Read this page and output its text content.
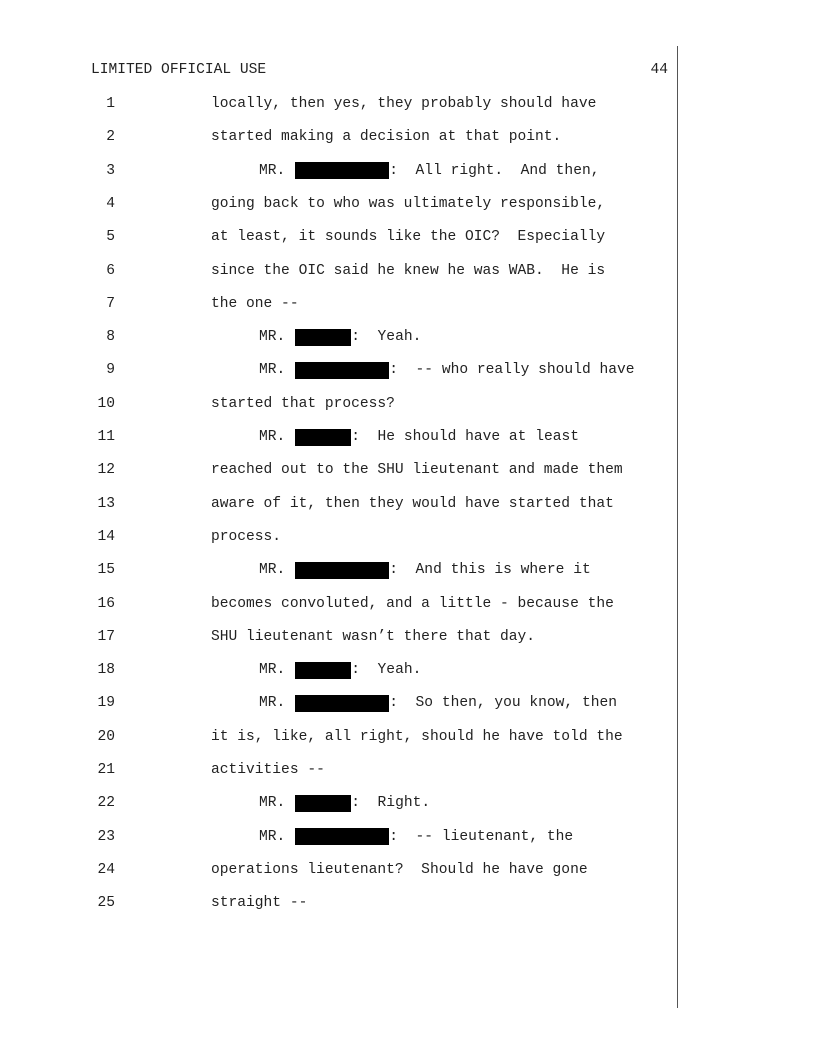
LIMITED OFFICIAL USE	44
1	locally, then yes, they probably should have
2	started making a decision at that point.
3	MR.	:  All right.  And then,
4	going back to who was ultimately responsible,
5	at least, it sounds like the OIC?  Especially
6	since the OIC said he knew he was WAB.  He is
7	the one --
8	MR.	:  Yeah.
9	MR.	:  -- who really should have
10	started that process?
11	MR.	:  He should have at least
12	reached out to the SHU lieutenant and made them
13	aware of it, then they would have started that
14	process.
15	MR.	:  And this is where it
16	becomes convoluted, and a little - because the
17	SHU lieutenant wasn’t there that day.
18	MR.	:  Yeah.
19	MR.	:  So then, you know, then
20	it is, like, all right, should he have told the
21	activities --
22	MR.	:  Right.
23	MR.	:  -- lieutenant, the
24	operations lieutenant?  Should he have gone
25	straight --
